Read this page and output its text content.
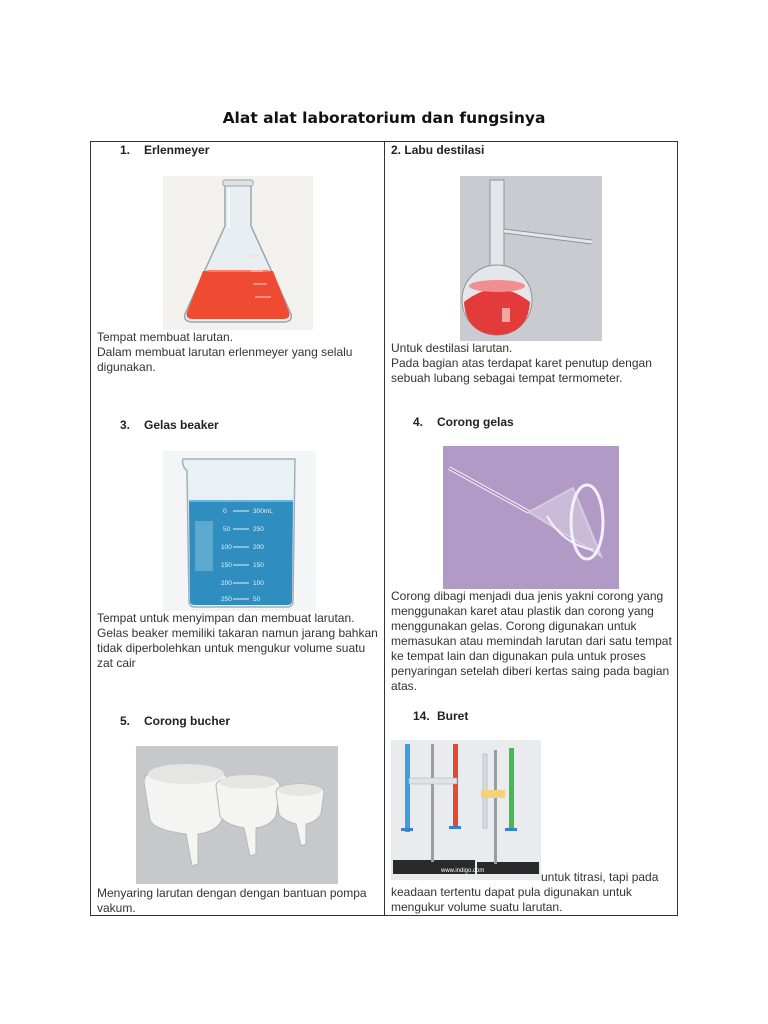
Alat alat laboratorium dan fungsinya
1. Erlenmeyer

Tempat membuat larutan.

Dalam membuat larutan erlenmeyer yang selalu digunakan.

2. Labu destilasi

Untuk destilasi larutan.

Pada bagian atas terdapat karet penutup dengan sebuah lubang sebagai tempat termometer.

3. Gelas beaker
0	300mL
50	250
100	200
150	150
200	100
250	50

Tempat untuk menyimpan dan membuat larutan. Gelas beaker memiliki takaran namun jarang bahkan tidak diperbolehkan untuk mengukur volume suatu zat cair

4. Corong gelas

Corong dibagi menjadi dua jenis yakni corong yang menggunakan karet atau plastik dan corong yang menggunakan gelas. Corong digunakan untuk memasukan atau memindah larutan dari satu tempat ke tempat lain dan digunakan pula untuk proses penyaringan setelah diberi kertas saing pada bagian atas.

5. Corong bucher

Menyaring larutan dengan dengan bantuan pompa vakum.

14. Buret
www.indigo.com	untuk titrasi, tapi pada

keadaan tertentu dapat pula digunakan untuk mengukur volume suatu larutan.
